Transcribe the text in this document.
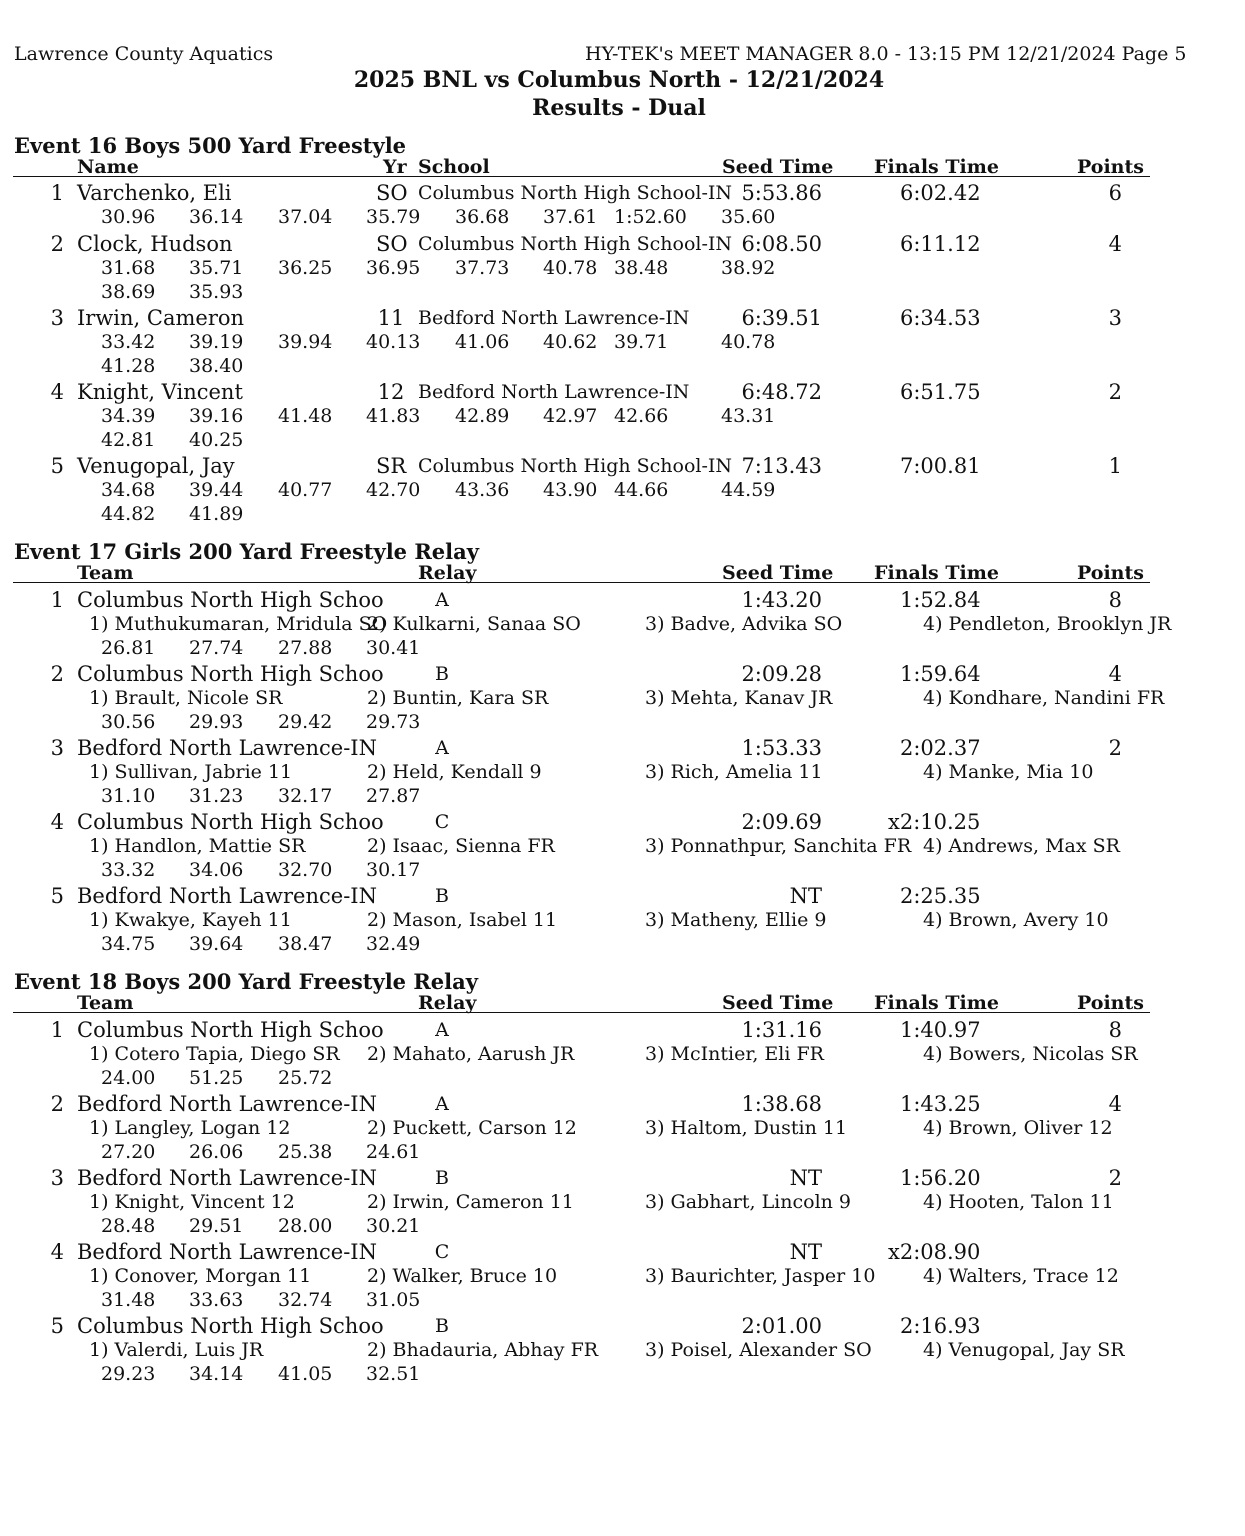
Lawrence County Aquatics	HY-TEK's MEET MANAGER 8.0 - 13:15 PM 12/21/2024 Page 5
2025 BNL vs Columbus North - 12/21/2024
Results - Dual
Event 16 Boys 500 Yard Freestyle
Name	Yr School	Seed Time Finals Time	Points
1 Varchenko, Eli	SO Columbus North High School-IN 5:53.86	6:02.42	6
30.96 36.14 37.04 35.79 36.68 37.61 1:52.60 35.60
2 Clock, Hudson	SO Columbus North High School-IN 6:08.50	6:11.12	4
31.68 35.71 36.25 36.95 37.73 40.78 38.48	38.92
38.69 35.93
3 Irwin, Cameron	11 Bedford North Lawrence-IN	6:39.51	6:34.53	3
33.42 39.19 39.94 40.13 41.06 40.62 39.71	40.78
41.28 38.40
4 Knight, Vincent	12 Bedford North Lawrence-IN	6:48.72	6:51.75	2
34.39 39.16 41.48 41.83 42.89 42.97 42.66	43.31
42.81 40.25
5 Venugopal, Jay	SR Columbus North High School-IN 7:13.43	7:00.81	1
34.68 39.44 40.77 42.70 43.36 43.90 44.66	44.59
44.82 41.89
Event 17 Girls 200 Yard Freestyle Relay
Team	Relay	Seed Time Finals Time	Points
1 Columbus North High Schoo	A	1:43.20	1:52.84	8
1) Muthukumaran, Mridula SO
2) Kulkarni, Sanaa SO	3) Badve, Advika SO	4) Pendleton, Brooklyn JR
26.81 27.74 27.88 30.41
2 Columbus North High Schoo	B	2:09.28	1:59.64	4
1) Brault, Nicole SR	2) Buntin, Kara SR	3) Mehta, Kanav JR	4) Kondhare, Nandini FR
30.56 29.93 29.42 29.73
3 Bedford North Lawrence-IN	A	1:53.33	2:02.37	2
1) Sullivan, Jabrie 11	2) Held, Kendall 9	3) Rich, Amelia 11	4) Manke, Mia 10
31.10 31.23 32.17 27.87
4 Columbus North High Schoo	C	2:09.69	x2:10.25
1) Handlon, Mattie SR	2) Isaac, Sienna FR	3) Ponnathpur, Sanchita FR 4) Andrews, Max SR
33.32 34.06 32.70 30.17
5 Bedford North Lawrence-IN	B	NT	2:25.35
1) Kwakye, Kayeh 11	2) Mason, Isabel 11	3) Matheny, Ellie 9	4) Brown, Avery 10
34.75 39.64 38.47 32.49
Event 18 Boys 200 Yard Freestyle Relay
Team	Relay	Seed Time Finals Time	Points
1 Columbus North High Schoo	A	1:31.16	1:40.97	8
1) Cotero Tapia, Diego SR 2) Mahato, Aarush JR	3) McIntier, Eli FR	4) Bowers, Nicolas SR
24.00 51.25 25.72
2 Bedford North Lawrence-IN	A	1:38.68	1:43.25	4
1) Langley, Logan 12	2) Puckett, Carson 12	3) Haltom, Dustin 11	4) Brown, Oliver 12
27.20 26.06 25.38 24.61
3 Bedford North Lawrence-IN	B	NT	1:56.20	2
1) Knight, Vincent 12	2) Irwin, Cameron 11	3) Gabhart, Lincoln 9	4) Hooten, Talon 11
28.48 29.51 28.00 30.21
4 Bedford North Lawrence-IN	C	NT	x2:08.90
1) Conover, Morgan 11	2) Walker, Bruce 10	3) Baurichter, Jasper 10	4) Walters, Trace 12
31.48 33.63 32.74 31.05
5 Columbus North High Schoo	B	2:01.00	2:16.93
1) Valerdi, Luis JR	2) Bhadauria, Abhay FR 3) Poisel, Alexander SO	4) Venugopal, Jay SR
29.23 34.14 41.05 32.51
